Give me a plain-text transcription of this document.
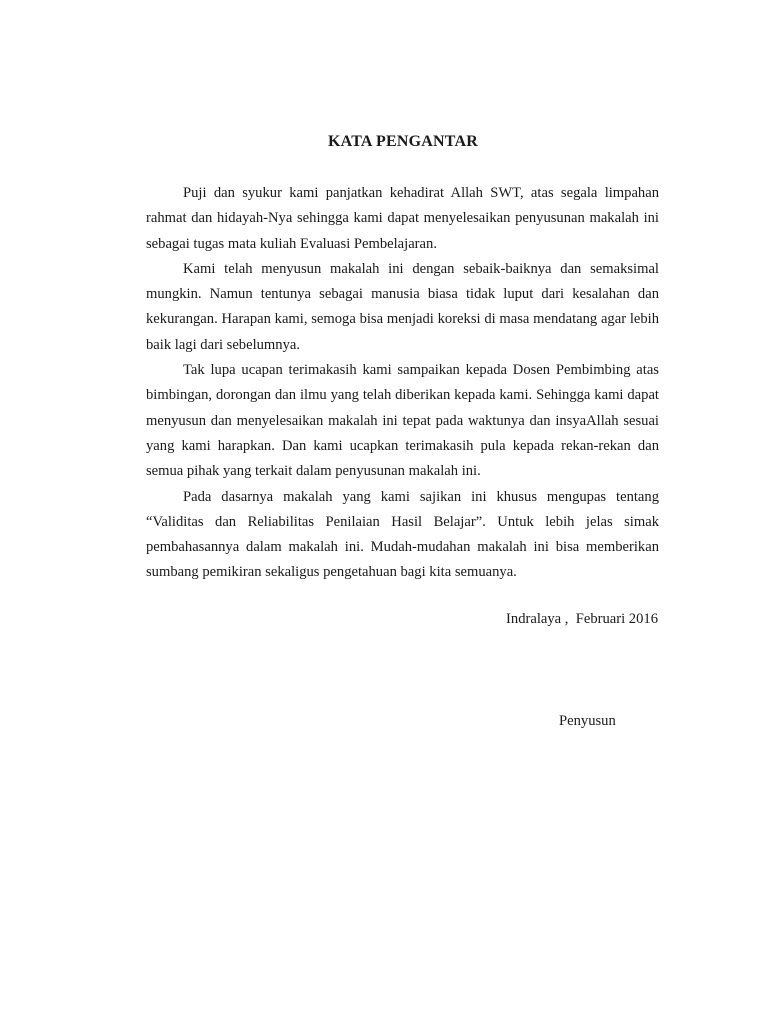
KATA PENGANTAR

Puji dan syukur kami panjatkan kehadirat Allah SWT, atas segala limpahan rahmat dan hidayah-Nya sehingga kami dapat menyelesaikan penyusunan makalah ini sebagai tugas mata kuliah Evaluasi Pembelajaran.

Kami telah menyusun makalah ini dengan sebaik-baiknya dan semaksimal mungkin. Namun tentunya sebagai manusia biasa tidak luput dari kesalahan dan kekurangan. Harapan kami, semoga bisa menjadi koreksi di masa mendatang agar lebih baik lagi dari sebelumnya.

Tak lupa ucapan terimakasih kami sampaikan kepada Dosen Pembimbing atas bimbingan, dorongan dan ilmu yang telah diberikan kepada kami. Sehingga kami dapat menyusun dan menyelesaikan makalah ini tepat pada waktunya dan insyaAllah sesuai yang kami harapkan. Dan kami ucapkan terimakasih pula kepada rekan-rekan dan semua pihak yang terkait dalam penyusunan makalah ini.

Pada dasarnya makalah yang kami sajikan ini khusus mengupas tentang “Validitas dan Reliabilitas Penilaian Hasil Belajar”. Untuk lebih jelas simak pembahasannya dalam makalah ini. Mudah-mudahan makalah ini bisa memberikan sumbang pemikiran sekaligus pengetahuan bagi kita semuanya.

Indralaya ,  Februari 2016
Penyusun
